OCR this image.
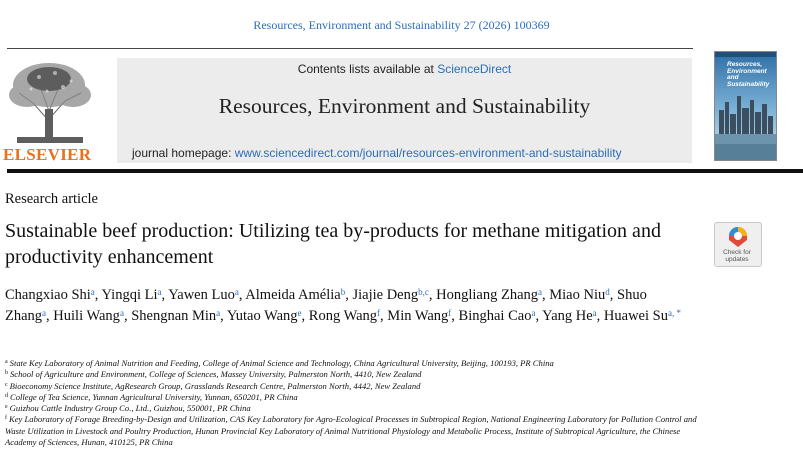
Resources, Environment and Sustainability 27 (2026) 100369
ELSEVIER
Contents lists available at ScienceDirect
Resources, Environment and Sustainability
journal homepage: www.sciencedirect.com/journal/resources-environment-and-sustainability
Resources,
Environment
and Sustainability
Research article
Sustainable beef production: Utilizing tea by-products for methane mitigation and productivity enhancement	Check for
updates
Changxiao Shi$^a$, Yingqi Li$^a$, Yawen Luo$^a$, Almeida Amélia$^b$, Jiajie Deng$^{b,c}$, Hongliang Zhang$^a$, Miao Niu$^d$, Shuo Zhang$^a$, Huili Wang$^a$, Shengnan Min$^a$, Yutao Wang$^e$, Rong Wang$^f$, Min Wang$^f$, Binghai Cao$^a$, Yang He$^a$, Huawei $Su^{a, *}$
$^a$ State Key Laboratory of Animal Nutrition and Feeding, College of Animal Science and Technology, China Agricultural University, Beijing, 100193, PR China
$^b$ School of Agriculture and Environment, College of Sciences, Massey University, Palmerston North, 4410, New Zealand
$^c$ Bioeconomy Science Institute, AgResearch Group, Grasslands Research Centre, Palmerston North, 4442, New Zealand
$^d$ College of Tea Science, Yunnan Agricultural University, Yunnan, 650201, PR China
$^e$ Guizhou Cattle Industry Group Co., Ltd., Guizhou, 550001, PR China
$^f$ Key Laboratory of Forage Breeding-by-Design and Utilization, CAS Key Laboratory for Agro-Ecological Processes in Subtropical Region, National Engineering Laboratory for Pollution Control and Waste Utilization in Livestock and Poultry Production, Hunan Provincial Key Laboratory of Animal Nutritional Physiology and Metabolic Process, Institute of Subtropical Agriculture, the Chinese Academy of Sciences, Hunan, 410125, PR China
